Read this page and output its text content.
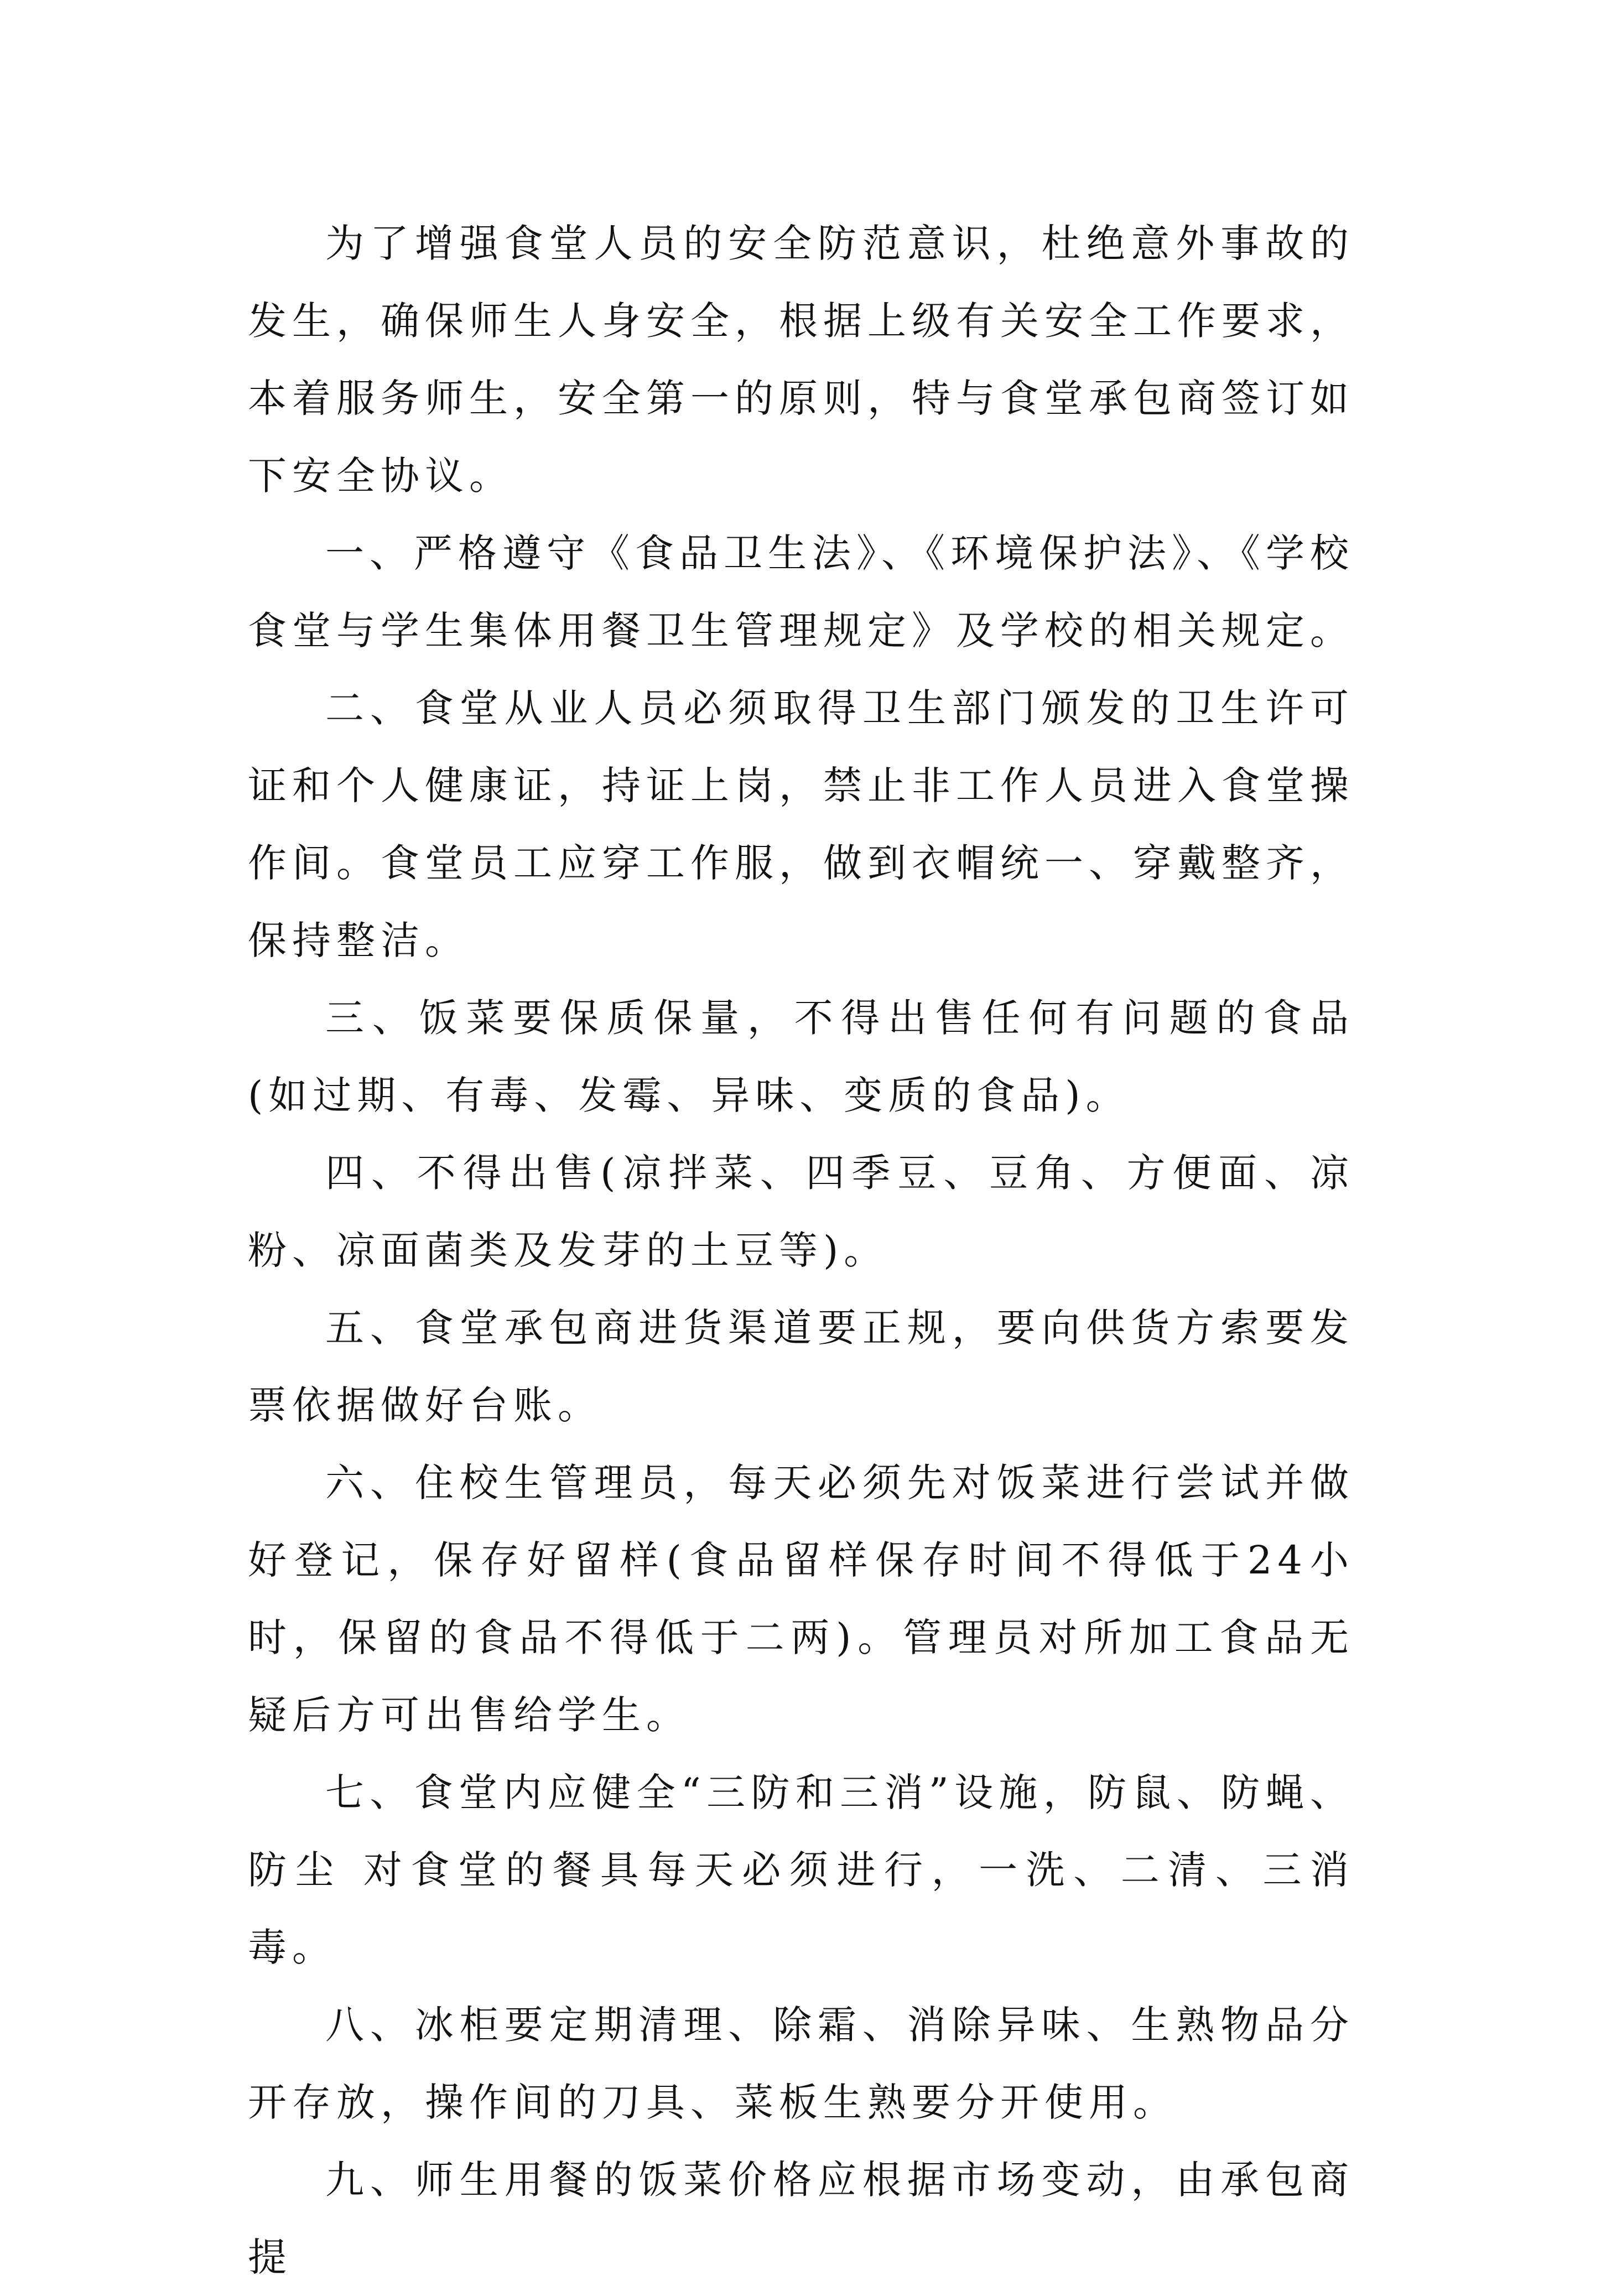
为了增强食堂人员的安全防范意识，杜绝意外事故的发生，确保师生人身安全，根据上级有关安全工作要求，本着服务师生，安全第一的原则，特与食堂承包商签订如下安全协议。

一、严格遵守《食品卫生法》、《环境保护法》、《学校食堂与学生集体用餐卫生管理规定》及学校的相关规定。

二、食堂从业人员必须取得卫生部门颁发的卫生许可证和个人健康证，持证上岗，禁止非工作人员进入食堂操作间。食堂员工应穿工作服，做到衣帽统一、穿戴整齐，保持整洁。

三、饭菜要保质保量，不得出售任何有问题的食品(如过期、有毒、发霉、异味、变质的食品)。

四、不得出售(凉拌菜、四季豆、豆角、方便面、凉粉、凉面菌类及发芽的土豆等)。

五、食堂承包商进货渠道要正规，要向供货方索要发票依据做好台账。

六、住校生管理员，每天必须先对饭菜进行尝试并做好登记，保存好留样(食品留样保存时间不得低于24小时，保留的食品不得低于二两)。管理员对所加工食品无疑后方可出售给学生。

七、食堂内应健全“三防和三消”设施，防鼠、防蝇、防尘 对食堂的餐具每天必须进行，一洗、二清、三消毒。

八、冰柜要定期清理、除霜、消除异味、生熟物品分开存放，操作间的刀具、菜板生熟要分开使用。

九、师生用餐的饭菜价格应根据市场变动，由承包商提
